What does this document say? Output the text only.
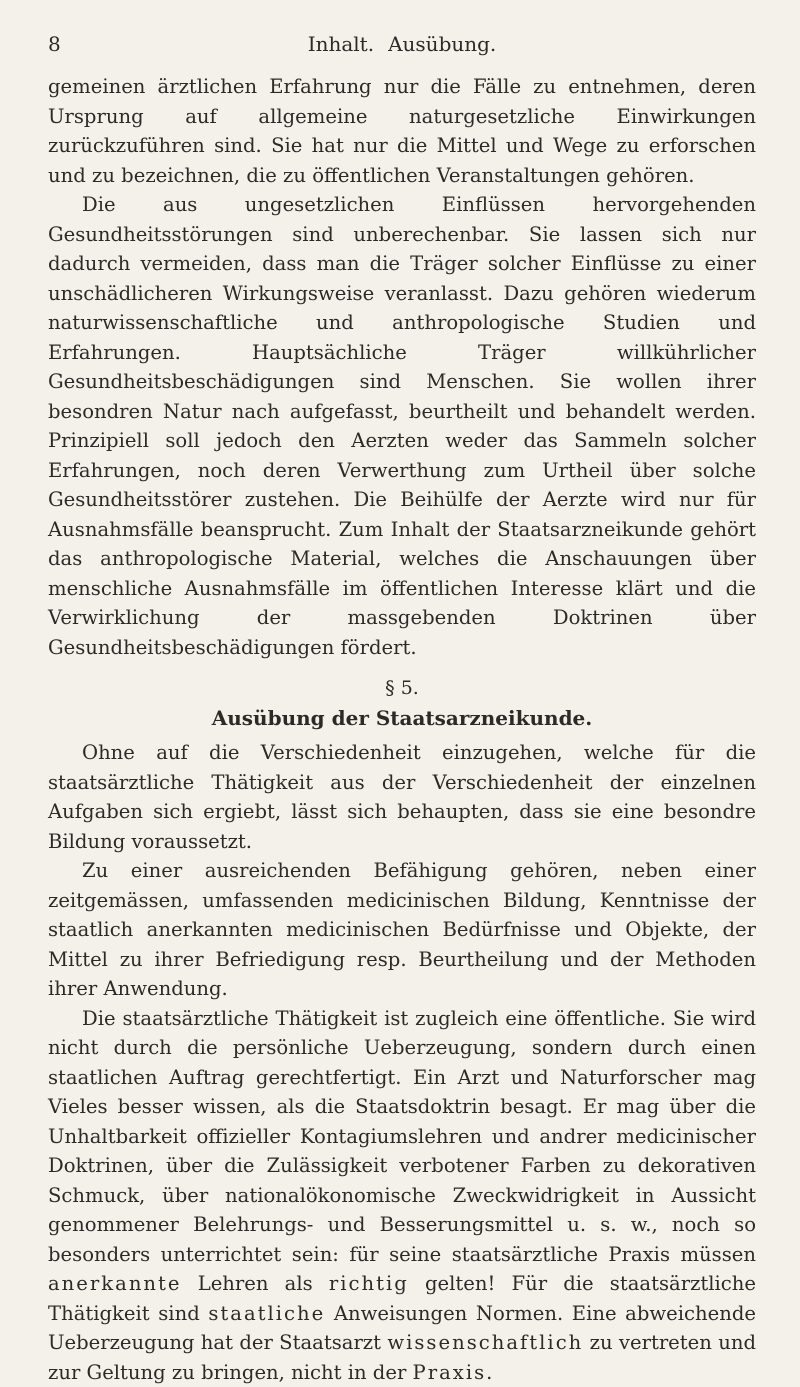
8	Inhalt. Ausübung.

gemeinen ärztlichen Erfahrung nur die Fälle zu entnehmen, deren Ursprung auf allgemeine naturgesetzliche Einwirkungen zurückzuführen sind. Sie hat nur die Mittel und Wege zu erforschen und zu bezeichnen, die zu öffentlichen Veranstaltungen gehören.

Die aus ungesetzlichen Einflüssen hervorgehenden Gesundheitsstörungen sind unberechenbar. Sie lassen sich nur dadurch vermeiden, dass man die Träger solcher Einflüsse zu einer unschädlicheren Wirkungsweise veranlasst. Dazu gehören wiederum naturwissenschaftliche und anthropologische Studien und Erfahrungen. Hauptsächliche Träger willkührlicher Gesundheitsbeschädigungen sind Menschen. Sie wollen ihrer besondren Natur nach aufgefasst, beurtheilt und behandelt werden. Prinzipiell soll jedoch den Aerzten weder das Sammeln solcher Erfahrungen, noch deren Verwerthung zum Urtheil über solche Gesundheitsstörer zustehen. Die Beihülfe der Aerzte wird nur für Ausnahmsfälle beansprucht. Zum Inhalt der Staatsarzneikunde gehört das anthropologische Material, welches die Anschauungen über menschliche Ausnahmsfälle im öffentlichen Interesse klärt und die Verwirklichung der massgebenden Doktrinen über Gesundheitsbeschädigungen fördert.

§ 5.
Ausübung der Staatsarzneikunde.

Ohne auf die Verschiedenheit einzugehen, welche für die staatsärztliche Thätigkeit aus der Verschiedenheit der einzelnen Aufgaben sich ergiebt, lässt sich behaupten, dass sie eine besondre Bildung voraussetzt.

Zu einer ausreichenden Befähigung gehören, neben einer zeitgemässen, umfassenden medicinischen Bildung, Kenntnisse der staatlich anerkannten medicinischen Bedürfnisse und Objekte, der Mittel zu ihrer Befriedigung resp. Beurtheilung und der Methoden ihrer Anwendung.

Die staatsärztliche Thätigkeit ist zugleich eine öffentliche. Sie wird nicht durch die persönliche Ueberzeugung, sondern durch einen staatlichen Auftrag gerechtfertigt. Ein Arzt und Naturforscher mag Vieles besser wissen, als die Staatsdoktrin besagt. Er mag über die Unhaltbarkeit offizieller Kontagiumslehren und andrer medicinischer Doktrinen, über die Zulässigkeit verbotener Farben zu dekorativen Schmuck, über nationalökonomische Zweckwidrigkeit in Aussicht genommener Belehrungs- und Besserungsmittel u. s. w., noch so besonders unterrichtet sein: für seine staatsärztliche Praxis müssen anerkannte Lehren als richtig gelten! Für die staatsärztliche Thätigkeit sind staatliche Anweisungen Normen. Eine abweichende Ueberzeugung hat der Staatsarzt wissenschaftlich zu vertreten und zur Geltung zu bringen, nicht in der Praxis.
